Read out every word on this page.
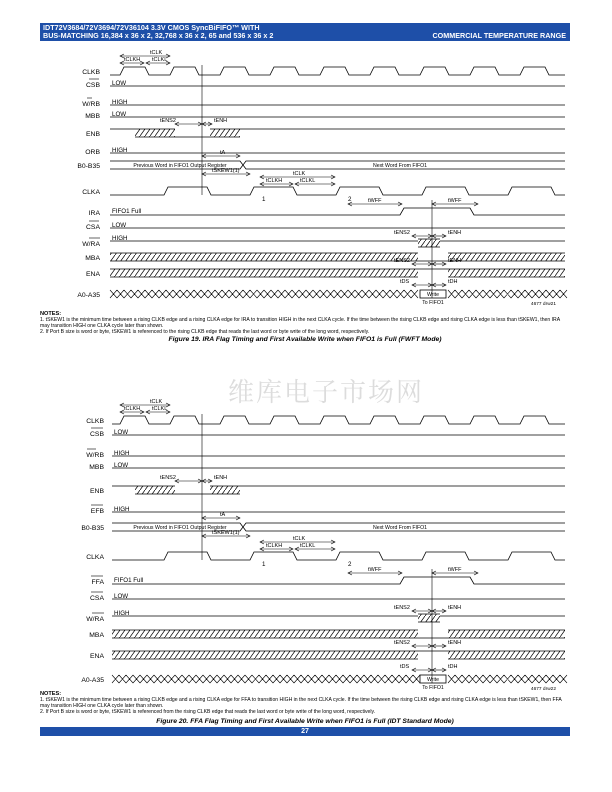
IDT72V3684/72V3694/72V36104 3.3V CMOS SyncBiFIFO™ WITH
BUS-MATCHING 16,384 x 36 x 2, 32,768 x 36 x 2, 65 and 536 x 36 x 2	COMMERCIAL TEMPERATURE RANGE
CLKB
CSB
W/RB
MBB
ENB
ORB
B0-B35
CLKA
IRA
CSA
W/RA
MBA
ENA
A0-A35
tCLK
tCLKH tCLKL
LOW
HIGH
LOW
tENS2	tENH
HIGH
Previous Word in FIFO1 Output Register	Next Word From FIFO1
tA
tSKEW1(1)	tCLK
tCLKH	tCLKL
1	2
FIFO1 Full
tWFF	tWFF
LOW
HIGH
tENS2	tENH
tENS2	tENH
Write
To FIFO1
tDS	tDH
4677 drw21
NOTES:
1. tSKEW1 is the minimum time between a rising CLKB edge and a rising CLKA edge for IRA to transition HIGH in the next CLKA cycle. If the time between the rising CLKB edge and rising CLKA edge is less than tSKEW1, then IRA may transition HIGH one CLKA cycle later than shown.
2. If Port B size is word or byte, tSKEW1 is referenced to the rising CLKB edge that reads the last word or byte write of the long word, respectively.
Figure 19. IRA Flag Timing and First Available Write when FIFO1 is Full (FWFT Mode)
维库电子市场网
CLKB
CSB
W/RB
MBB
ENB
EFB
B0-B35
CLKA
FFA
CSA
W/RA
MBA
ENA
A0-A35
tCLK
tCLKH tCLKL
LOW
HIGH
LOW
tENS2	tENH
HIGH
Previous Word in FIFO1 Output Register	Next Word From FIFO1
tA
tSKEW1(1)
tCLK
tCLKH	tCLKL
1	2
FIFO1 Full
tWFF	tWFF
LOW
HIGH
tENS2	tENH
tENS2	tENH
Write
To FIFO1
tDS	tDH
4677 drw22
NOTES:
1. tSKEW1 is the minimum time between a rising CLKB edge and a rising CLKA edge for FFA to transition HIGH in the next CLKA cycle. If the time between the rising CLKB edge and rising CLKA edge is less than tSKEW1, then FFA may transition HIGH one CLKA cycle later than shown.
2. If Port B size is word or byte, tSKEW1 is referenced from the rising CLKB edge that reads the last word or byte write of the long word, respectively.
Figure 20. FFA Flag Timing and First Available Write when FIFO1 is Full (IDT Standard Mode)
27
